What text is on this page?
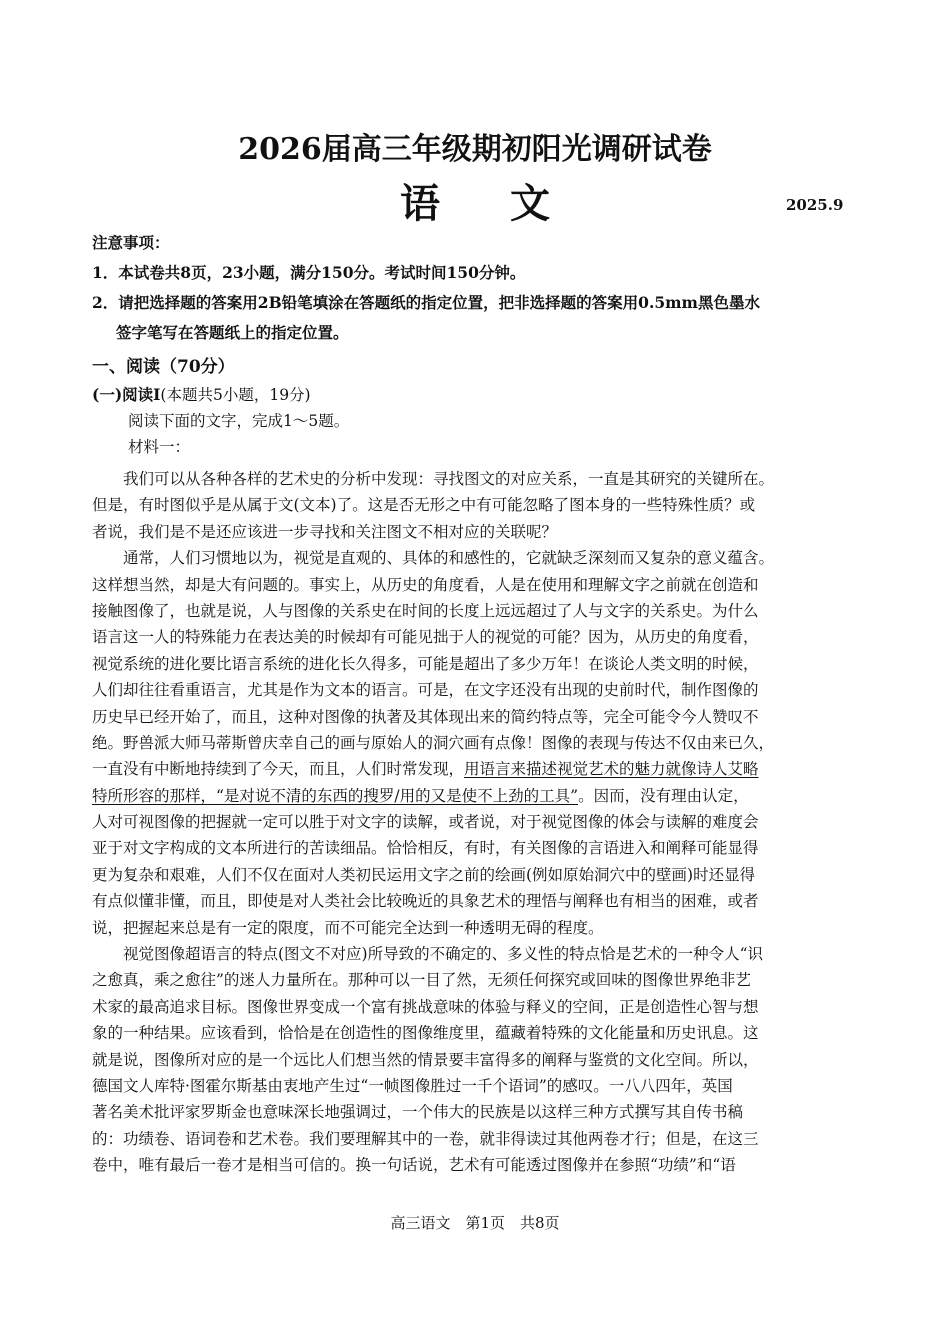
2026届高三年级期初阳光调研试卷
语文	2025.9
注意事项：
1．本试卷共8页，23小题，满分150分。考试时间150分钟。
2．请把选择题的答案用2B铅笔填涂在答题纸的指定位置，把非选择题的答案用0.5mm黑色墨水
签字笔写在答题纸上的指定位置。
一、阅读（70分）
(一)阅读I(本题共5小题，19分)
阅读下面的文字，完成1～5题。
材料一：
　　我们可以从各种各样的艺术史的分析中发现：寻找图文的对应关系，一直是其研究的关键所在。
但是，有时图似乎是从属于文(文本)了。这是否无形之中有可能忽略了图本身的一些特殊性质？或
者说，我们是不是还应该进一步寻找和关注图文不相对应的关联呢？
　　通常，人们习惯地以为，视觉是直观的、具体的和感性的，它就缺乏深刻而又复杂的意义蕴含。
这样想当然，却是大有问题的。事实上，从历史的角度看，人是在使用和理解文字之前就在创造和
接触图像了，也就是说，人与图像的关系史在时间的长度上远远超过了人与文字的关系史。为什么
语言这一人的特殊能力在表达美的时候却有可能见拙于人的视觉的可能？因为，从历史的角度看，
视觉系统的进化要比语言系统的进化长久得多，可能是超出了多少万年！在谈论人类文明的时候，
人们却往往看重语言，尤其是作为文本的语言。可是，在文字还没有出现的史前时代，制作图像的
历史早已经开始了，而且，这种对图像的执著及其体现出来的简约特点等，完全可能令今人赞叹不
绝。野兽派大师马蒂斯曾庆幸自己的画与原始人的洞穴画有点像！图像的表现与传达不仅由来已久，
一直没有中断地持续到了今天，而且，人们时常发现，用语言来描述视觉艺术的魅力就像诗人艾略
特所形容的那样，“是对说不清的东西的搜罗/用的又是使不上劲的工具”。因而，没有理由认定，
人对可视图像的把握就一定可以胜于对文字的读解，或者说，对于视觉图像的体会与读解的难度会
亚于对文字构成的文本所进行的苦读细品。恰恰相反，有时，有关图像的言语进入和阐释可能显得
更为复杂和艰难，人们不仅在面对人类初民运用文字之前的绘画(例如原始洞穴中的壁画)时还显得
有点似懂非懂，而且，即使是对人类社会比较晚近的具象艺术的理悟与阐释也有相当的困难，或者
说，把握起来总是有一定的限度，而不可能完全达到一种透明无碍的程度。
　　视觉图像超语言的特点(图文不对应)所导致的不确定的、多义性的特点恰是艺术的一种令人“识
之愈真，乘之愈往”的迷人力量所在。那种可以一目了然，无须任何探究或回味的图像世界绝非艺
术家的最高追求目标。图像世界变成一个富有挑战意味的体验与释义的空间，正是创造性心智与想
象的一种结果。应该看到，恰恰是在创造性的图像维度里，蕴藏着特殊的文化能量和历史讯息。这
就是说，图像所对应的是一个远比人们想当然的情景要丰富得多的阐释与鉴赏的文化空间。所以，
德国文人库特·图霍尔斯基由衷地产生过“一帧图像胜过一千个语词”的感叹。一八八四年，英国
著名美术批评家罗斯金也意味深长地强调过，一个伟大的民族是以这样三种方式撰写其自传书稿
的：功绩卷、语词卷和艺术卷。我们要理解其中的一卷，就非得读过其他两卷才行；但是，在这三
卷中，唯有最后一卷才是相当可信的。换一句话说，艺术有可能透过图像并在参照“功绩”和“语
高三语文　第1页　共8页
